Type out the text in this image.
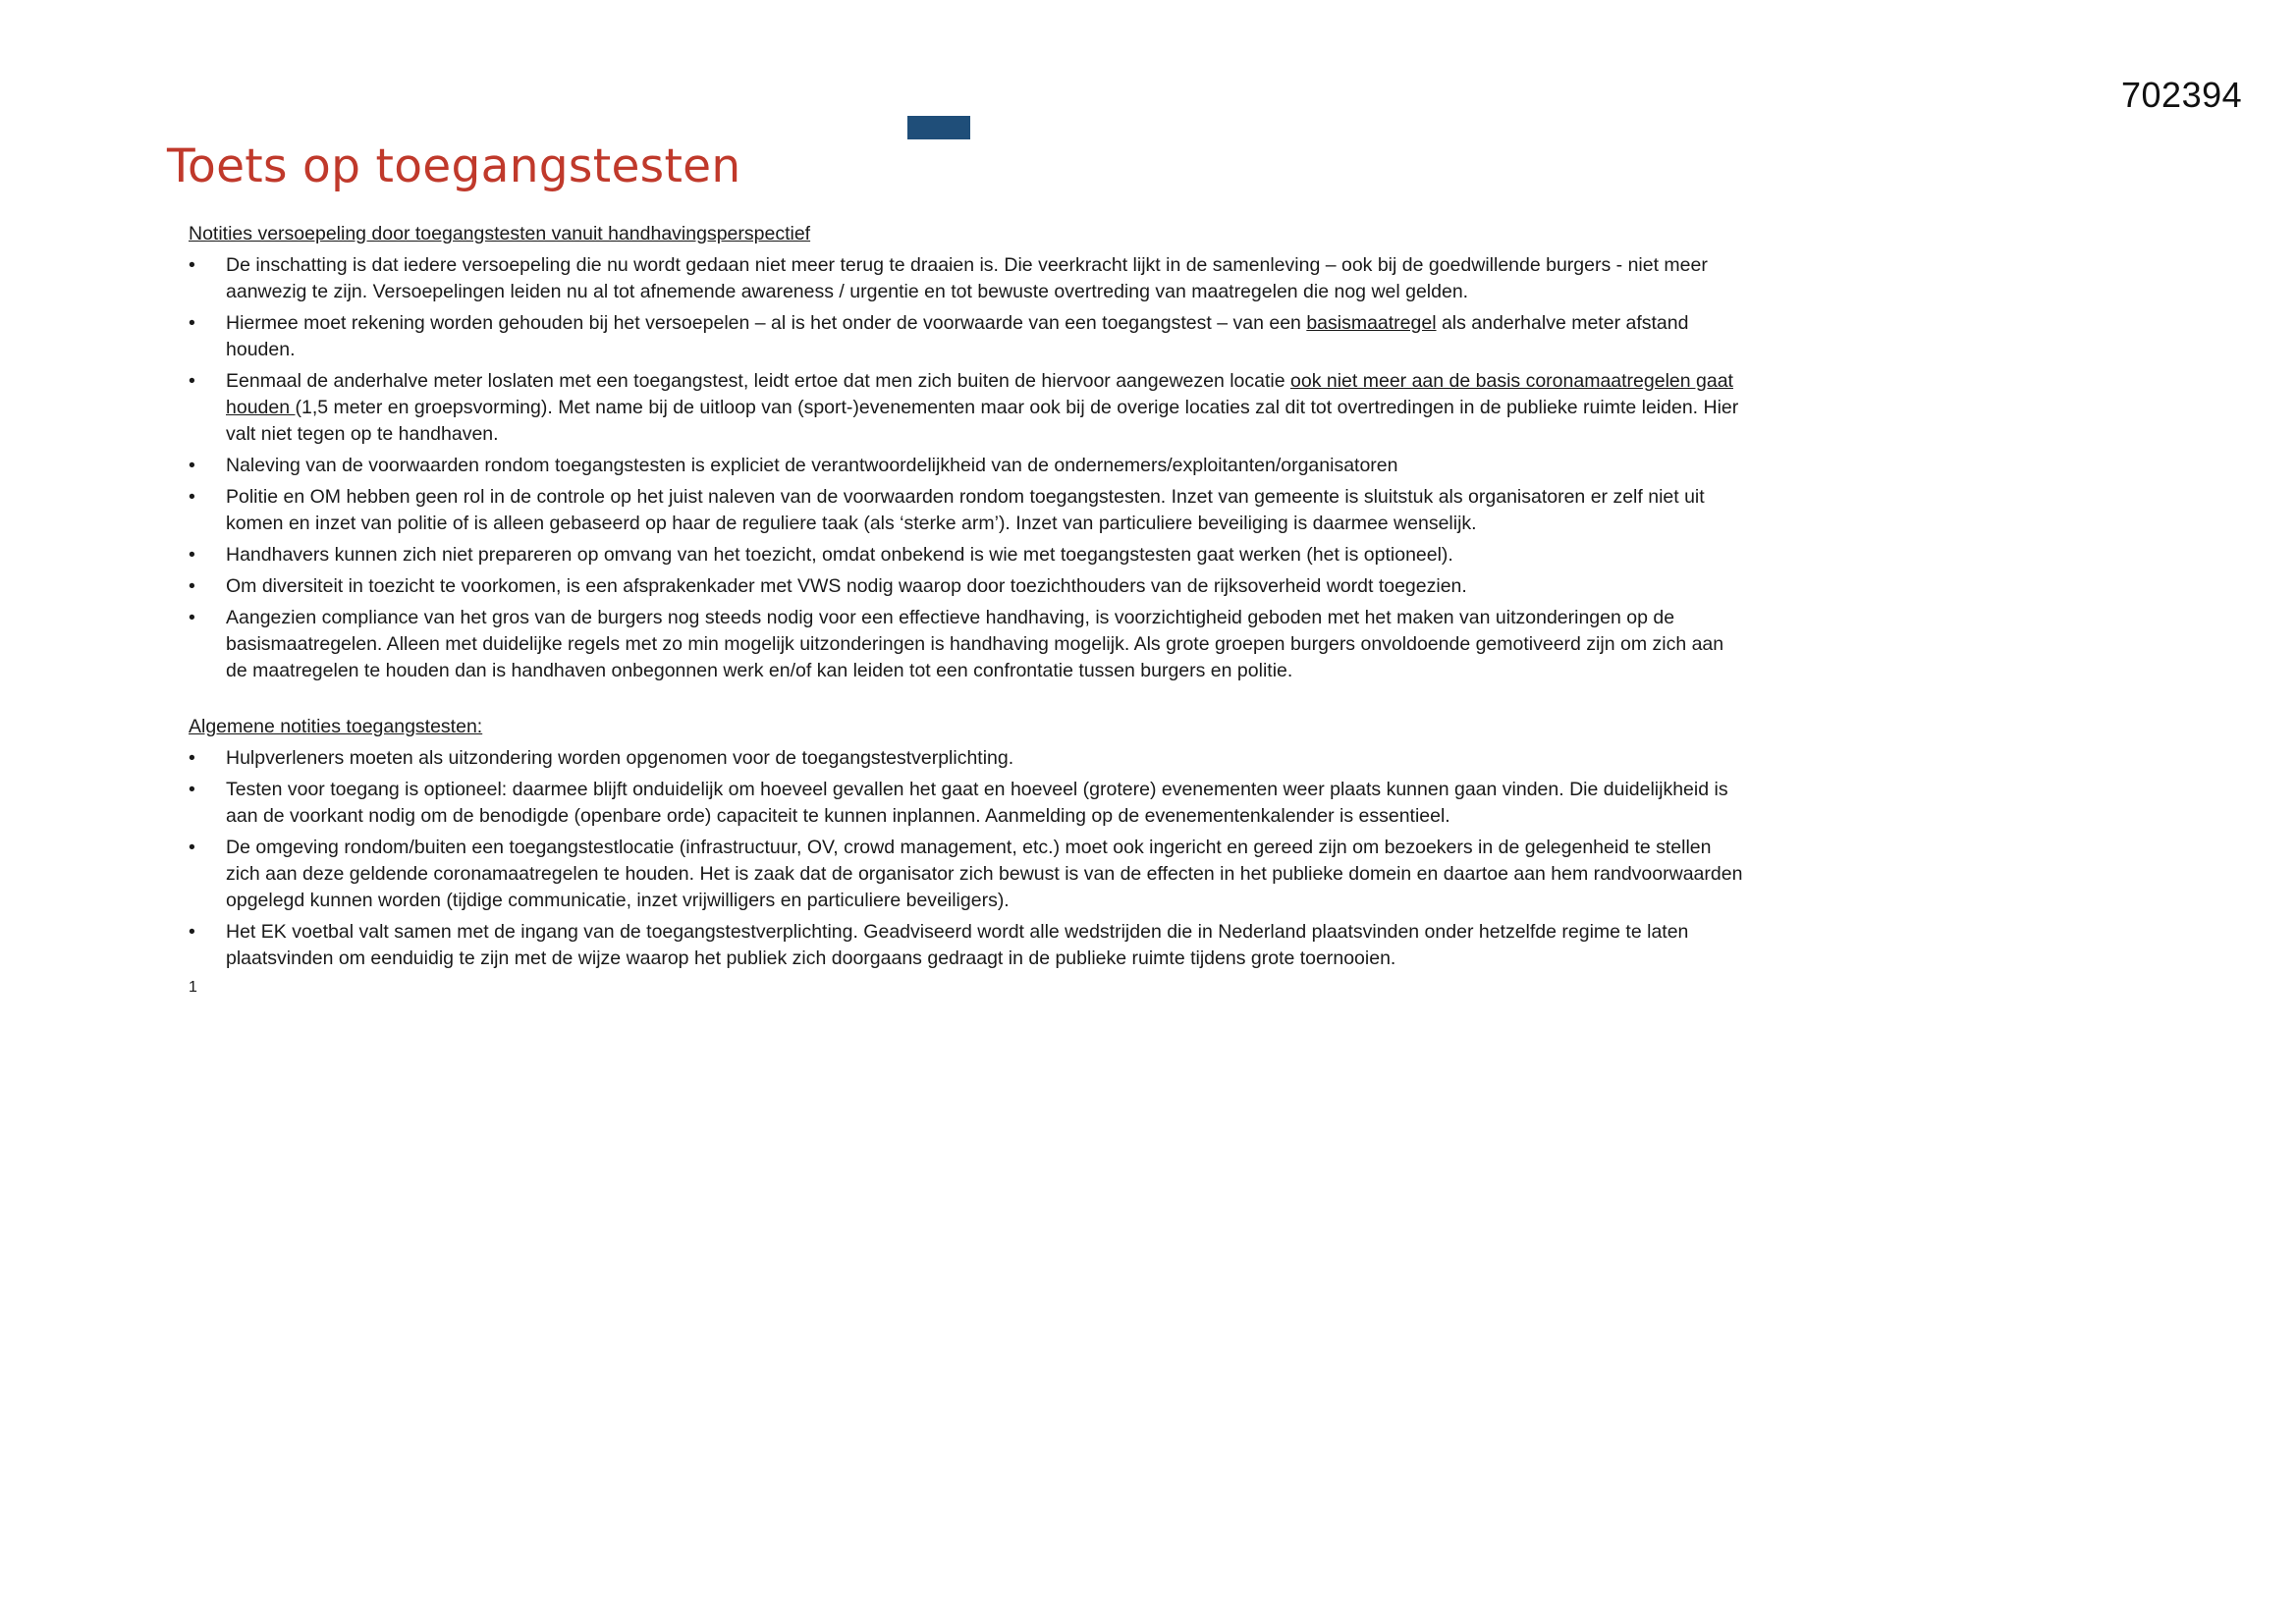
702394
Toets op toegangstesten

Notities versoepeling door toegangstesten vanuit handhavingsperspectief

• De inschatting is dat iedere versoepeling die nu wordt gedaan niet meer terug te draaien is. Die veerkracht lijkt in de samenleving – ook bij de goedwillende burgers - niet meer aanwezig te zijn. Versoepelingen leiden nu al tot afnemende awareness / urgentie en tot bewuste overtreding van maatregelen die nog wel gelden.
• Hiermee moet rekening worden gehouden bij het versoepelen – al is het onder de voorwaarde van een toegangstest – van een basismaatregel als anderhalve meter afstand houden.
• Eenmaal de anderhalve meter loslaten met een toegangstest, leidt ertoe dat men zich buiten de hiervoor aangewezen locatie ook niet meer aan de basis coronamaatregelen gaat houden (1,5 meter en groepsvorming). Met name bij de uitloop van (sport-)evenementen maar ook bij de overige locaties zal dit tot overtredingen in de publieke ruimte leiden. Hier valt niet tegen op te handhaven.
• Naleving van de voorwaarden rondom toegangstesten is expliciet de verantwoordelijkheid van de ondernemers/exploitanten/organisatoren
• Politie en OM hebben geen rol in de controle op het juist naleven van de voorwaarden rondom toegangstesten. Inzet van gemeente is sluitstuk als organisatoren er zelf niet uit komen en inzet van politie of is alleen gebaseerd op haar de reguliere taak (als ‘sterke arm’). Inzet van particuliere beveiliging is daarmee wenselijk.
• Handhavers kunnen zich niet prepareren op omvang van het toezicht, omdat onbekend is wie met toegangstesten gaat werken (het is optioneel).
• Om diversiteit in toezicht te voorkomen, is een afsprakenkader met VWS nodig waarop door toezichthouders van de rijksoverheid wordt toegezien.
• Aangezien compliance van het gros van de burgers nog steeds nodig voor een effectieve handhaving, is voorzichtigheid geboden met het maken van uitzonderingen op de basismaatregelen. Alleen met duidelijke regels met zo min mogelijk uitzonderingen is handhaving mogelijk. Als grote groepen burgers onvoldoende gemotiveerd zijn om zich aan de maatregelen te houden dan is handhaven onbegonnen werk en/of kan leiden tot een confrontatie tussen burgers en politie.

Algemene notities toegangstesten:

• Hulpverleners moeten als uitzondering worden opgenomen voor de toegangstestverplichting.
• Testen voor toegang is optioneel: daarmee blijft onduidelijk om hoeveel gevallen het gaat en hoeveel (grotere) evenementen weer plaats kunnen gaan vinden. Die duidelijkheid is aan de voorkant nodig om de benodigde (openbare orde) capaciteit te kunnen inplannen. Aanmelding op de evenementenkalender is essentieel.
• De omgeving rondom/buiten een toegangstestlocatie (infrastructuur, OV, crowd management, etc.) moet ook ingericht en gereed zijn om bezoekers in de gelegenheid te stellen zich aan deze geldende coronamaatregelen te houden. Het is zaak dat de organisator zich bewust is van de effecten in het publieke domein en daartoe aan hem randvoorwaarden opgelegd kunnen worden (tijdige communicatie, inzet vrijwilligers en particuliere beveiligers).
• Het EK voetbal valt samen met de ingang van de toegangstestverplichting. Geadviseerd wordt alle wedstrijden die in Nederland plaatsvinden onder hetzelfde regime te laten plaatsvinden om eenduidig te zijn met de wijze waarop het publiek zich doorgaans gedraagt in de publieke ruimte tijdens grote toernooien.
1
